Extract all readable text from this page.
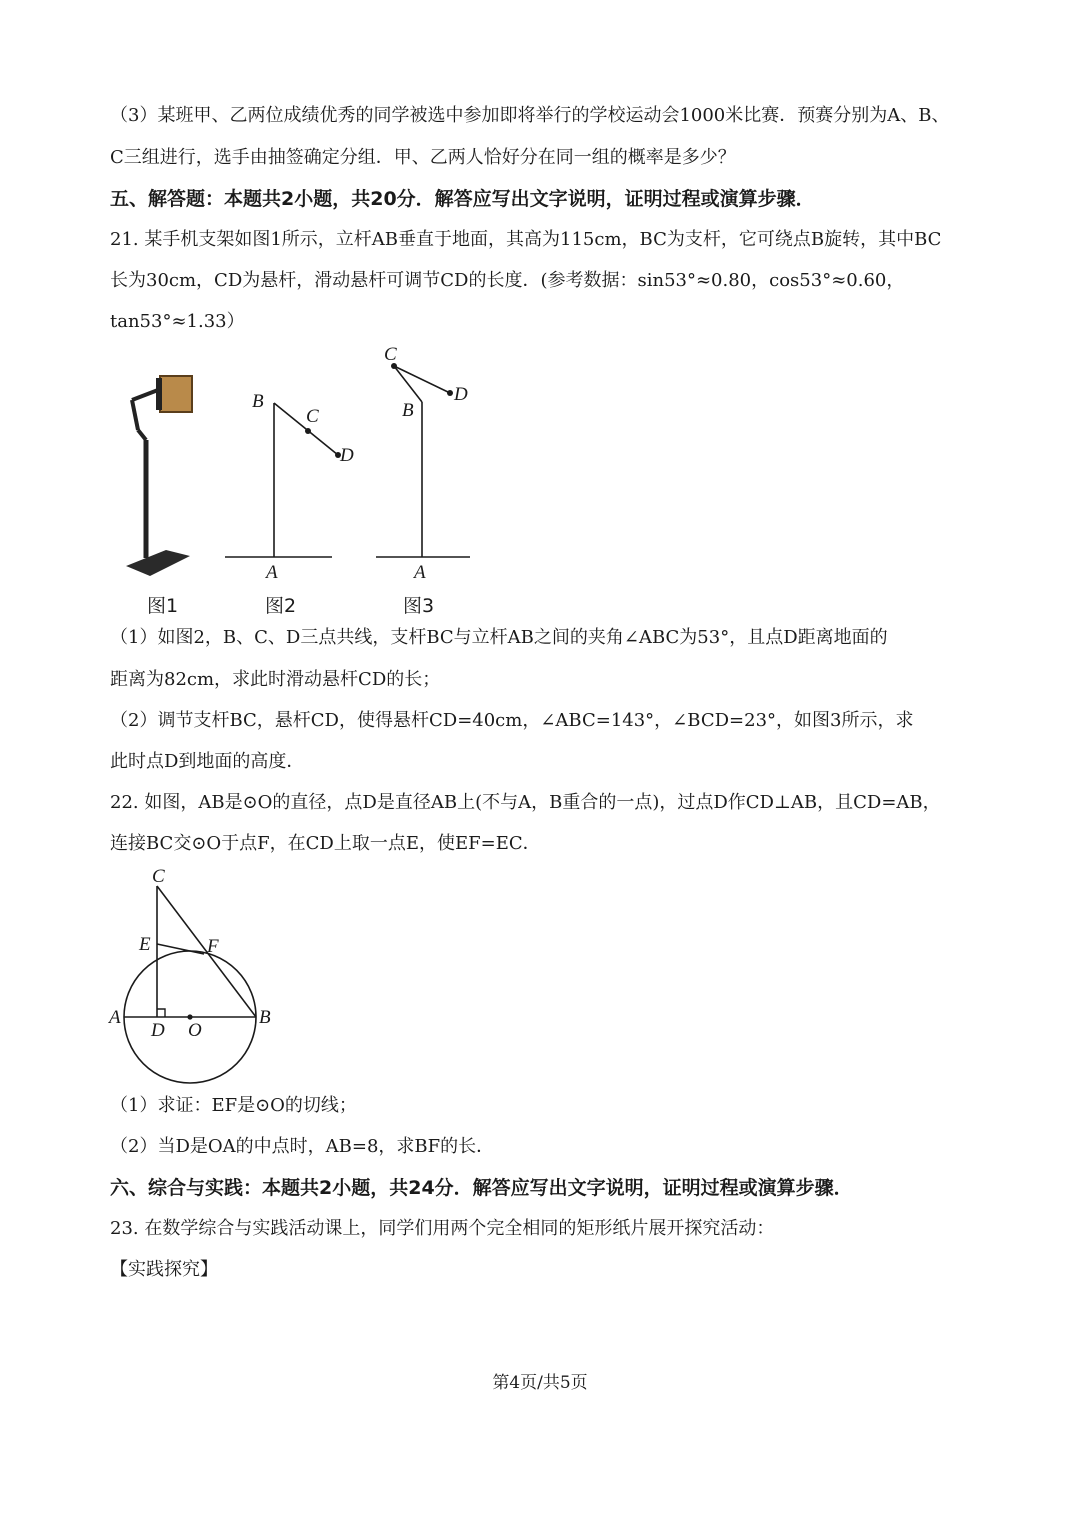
（3）某班甲、乙两位成绩优秀的同学被选中参加即将举行的学校运动会1000米比赛．预赛分别为A、B、
C三组进行，选手由抽签确定分组．甲、乙两人恰好分在同一组的概率是多少？
五、解答题：本题共2小题，共20分．解答应写出文字说明，证明过程或演算步骤．
21. 某手机支架如图1所示，立杆AB垂直于地面，其高为115cm，BC为支杆，它可绕点B旋转，其中BC
长为30cm，CD为悬杆，滑动悬杆可调节CD的长度．(参考数据：sin53°≈0.80，cos53°≈0.60，
tan53°≈1.33）
B
C
D
A
C
D
B
A
图1	图2	图3
（1）如图2，B、C、D三点共线，支杆BC与立杆AB之间的夹角∠ABC为53°，且点D距离地面的
距离为82cm，求此时滑动悬杆CD的长；
（2）调节支杆BC，悬杆CD，使得悬杆CD=40cm，∠ABC=143°，∠BCD=23°，如图3所示，求
此时点D到地面的高度．
22. 如图，AB是⊙O的直径，点D是直径AB上(不与A，B重合的一点)，过点D作CD⊥AB，且CD=AB，
连接BC交⊙O于点F，在CD上取一点E，使EF=EC．
C
E	F
A
D O
B
（1）求证：EF是⊙O的切线；
（2）当D是OA的中点时，AB=8，求BF的长．
六、综合与实践：本题共2小题，共24分．解答应写出文字说明，证明过程或演算步骤．
23. 在数学综合与实践活动课上，同学们用两个完全相同的矩形纸片展开探究活动：
【实践探究】
第4页/共5页
